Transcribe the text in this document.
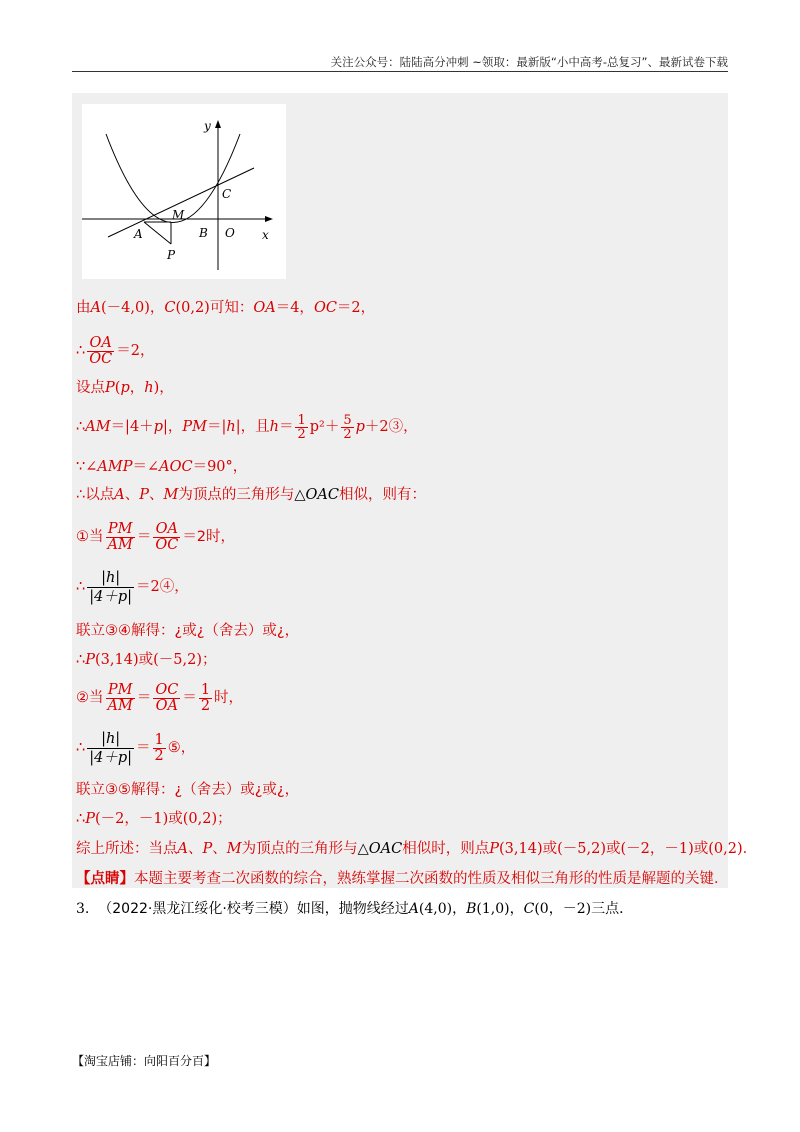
关注公众号：陆陆高分冲刺 ~领取：最新版“小中高考-总复习”、最新试卷下载
y
x
C
M
A	B O
P
由A(－4,0)，C(0,2)可知：OA＝4，OC＝2，
∴ $\frac{OA}{OC} =2$，
设点P(p，h)，
∴AM＝|4＋p|，PM＝|h|，且$h= \frac{1}{2} p^2+ \frac{5}{2}$ p＋2③，
∵∠AMP＝∠AOC＝90°，
∴以点A、P、M为顶点的三角形与△OAC相似，则有：
①当 $\frac{PM}{AM} = \frac{OA}{OC} =2$时，
∴ $\frac{|h|}{|4+p|}$ ＝2④，
联立③④解得：¿或¿（舍去）或¿，
∴P(3,14)或(－5,2)；
②当 $\frac{PM}{AM} = \frac{OC}{OA} = \frac{1}{2}$ 时，
∴ $\frac{|h|}{|4+p|} = \frac{1}{2}$ ⑤，
联立③⑤解得：¿（舍去）或¿或¿，
∴P(－2，－1)或(0,2)；
综上所述：当点A、P、M为顶点的三角形与△OAC相似时，则点P(3,14)或(－5,2)或(－2，－1)或(0,2)．
【点睛】本题主要考查二次函数的综合，熟练掌握二次函数的性质及相似三角形的性质是解题的关键．
3. （2022·黑龙江绥化·校考三模）如图，抛物线经过A(4,0)，B(1,0)，C(0，－2)三点．
【淘宝店铺：向阳百分百】
